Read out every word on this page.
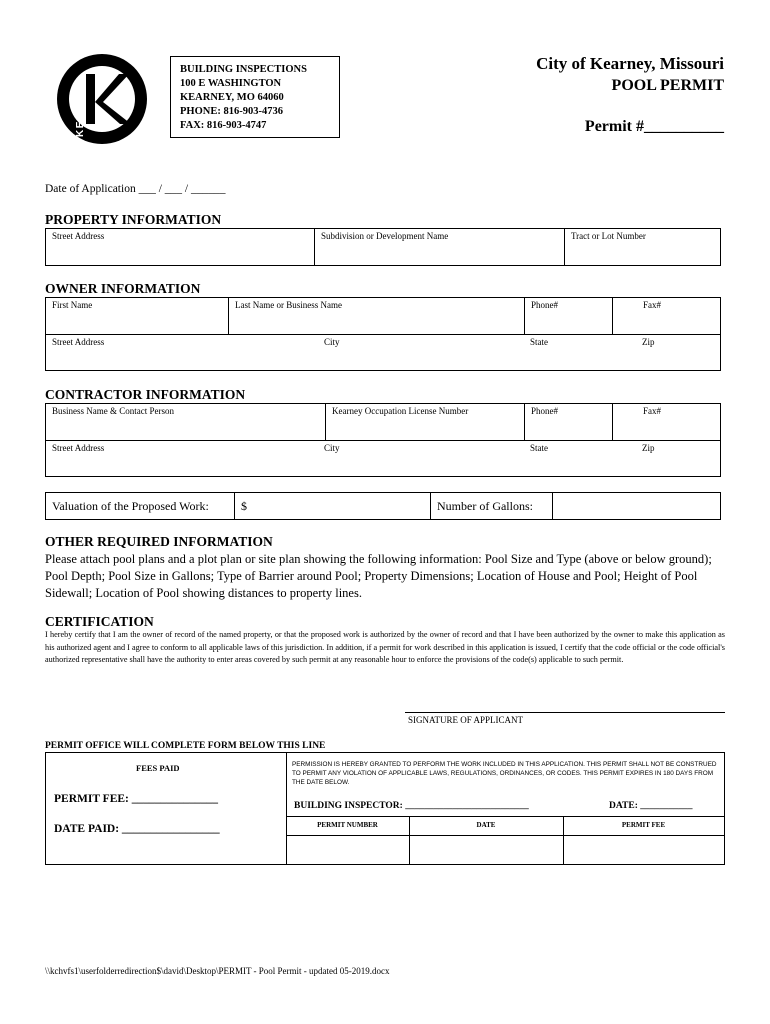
KEARNEY
BUILDING INSPECTIONS
100 E WASHINGTON
KEARNEY, MO 64060
PHONE: 816-903-4736
FAX: 816-903-4747
City of Kearney, Missouri
POOL PERMIT
Permit #__________
Date of Application ___ / ___ / ______
PROPERTY INFORMATION
Street Address	Subdivision or Development Name	Tract or Lot Number
OWNER INFORMATION
First Name	Last Name or Business Name	Phone#	Fax#
Street Address	City	State	Zip
CONTRACTOR INFORMATION
Business Name & Contact Person	Kearney Occupation License Number	Phone#	Fax#
Street Address	City	State	Zip
Valuation of the Proposed Work:	$	Number of Gallons:
OTHER REQUIRED INFORMATION
Please attach pool plans and a plot plan or site plan showing the following information: Pool Size and Type (above or below ground); Pool Depth; Pool Size in Gallons; Type of Barrier around Pool; Property Dimensions; Location of House and Pool; Height of Pool Sidewall; Location of Pool showing distances to property lines.
CERTIFICATION
I hereby certify that I am the owner of record of the named property, or that the proposed work is authorized by the owner of record and that I have been authorized by the owner to make this application as his authorized agent and I agree to conform to all applicable laws of this jurisdiction. In addition, if a permit for work described in this application is issued, I certify that the code official or the code official's authorized representative shall have the authority to enter areas covered by such permit at any reasonable hour to enforce the provisions of the code(s) applicable to such permit.
SIGNATURE OF APPLICANT
PERMIT OFFICE WILL COMPLETE FORM BELOW THIS LINE
FEES PAID
PERMIT FEE: _______________
DATE PAID: _________________
PERMISSION IS HEREBY GRANTED TO PERFORM THE WORK INCLUDED IN THIS APPLICATION. THIS PERMIT SHALL NOT BE CONSTRUED TO PERMIT ANY VIOLATION OF APPLICABLE LAWS, REGULATIONS, ORDINANCES, OR CODES. THIS PERMIT EXPIRES IN 180 DAYS FROM THE DATE BELOW.
BUILDING INSPECTOR: __________________________	DATE: ___________
PERMIT NUMBER	DATE	PERMIT FEE
\\kchvfs1\userfolderredirection$\david\Desktop\PERMIT - Pool Permit - updated 05-2019.docx
